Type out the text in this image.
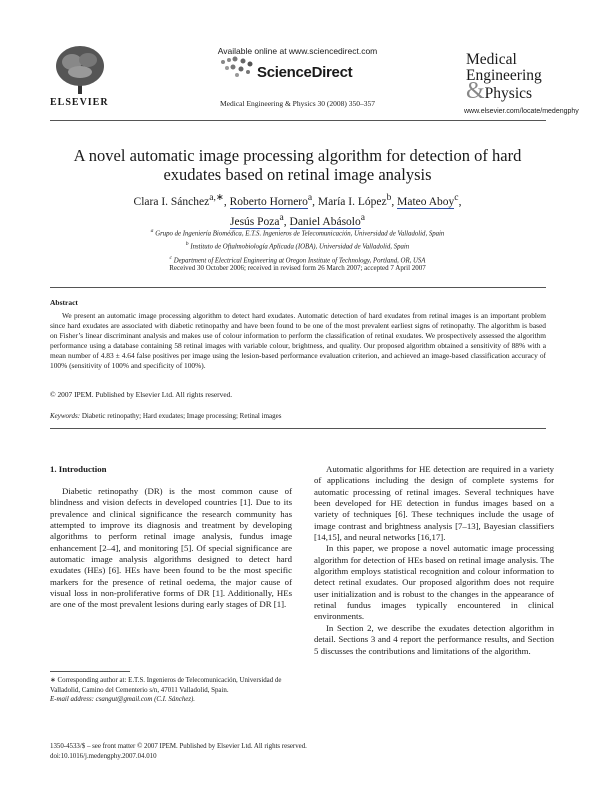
ELSEVIER
Available online at www.sciencedirect.com
ScienceDirect
Medical Engineering & Physics 30 (2008) 350–357
Medical
Engineering
&Physics
www.elsevier.com/locate/medengphy
A novel automatic image processing algorithm for detection of hard exudates based on retinal image analysis
Clara I. Sánchez$^{a,∗}$, Roberto Hornero$^a$, María I. López$^b$, Mateo Aboy$^c$,
Jesús Poza$^a$, Daniel Abásolo$^a$
$^a$ Grupo de Ingeniería Biomédica, E.T.S. Ingenieros de Telecomunicación, Universidad de Valladolid, Spain
$^b$ Instituto de Oftalmobiología Aplicada (IOBA), Universidad de Valladolid, Spain
$^c$ Department of Electrical Engineering at Oregon Institute of Technology, Portland, OR, USA
Received 30 October 2006; received in revised form 26 March 2007; accepted 7 April 2007
Abstract
We present an automatic image processing algorithm to detect hard exudates. Automatic detection of hard exudates from retinal images is an important problem since hard exudates are associated with diabetic retinopathy and have been found to be one of the most prevalent earliest signs of retinopathy. The algorithm is based on Fisher’s linear discriminant analysis and makes use of colour information to perform the classification of retinal exudates. We prospectively assessed the algorithm performance using a database containing 58 retinal images with variable colour, brightness, and quality. Our proposed algorithm obtained a sensitivity of 88% with a mean number of 4.83 ± 4.64 false positives per image using the lesion-based performance evaluation criterion, and achieved an image-based classification accuracy of 100% (sensitivity of 100% and specificity of 100%).
© 2007 IPEM. Published by Elsevier Ltd. All rights reserved.
Keywords: Diabetic retinopathy; Hard exudates; Image processing; Retinal images
1. Introduction

Diabetic retinopathy (DR) is the most common cause of blindness and vision defects in developed countries [1]. Due to its prevalence and clinical significance the research community has attempted to improve its diagnosis and treatment by developing algorithms to perform retinal image analysis, fundus image enhancement [2–4], and monitoring [5]. Of special significance are automatic image analysis algorithms designed to detect hard exudates (HEs) [6]. HEs have been found to be the most specific markers for the presence of retinal oedema, the major cause of visual loss in non-proliferative forms of DR [1]. Additionally, HEs are one of the most prevalent lesions during early stages of DR [1].

Automatic algorithms for HE detection are required in a variety of applications including the design of complete systems for automatic processing of retinal images. Several techniques have been developed for HE detection in fundus images based on a variety of techniques [6]. These techniques include the usage of image contrast and brightness analysis [7–13], Bayesian classifiers [14,15], and neural networks [16,17].

In this paper, we propose a novel automatic image processing algorithm for detection of HEs based on retinal image analysis. The algorithm employs statistical recognition and colour information to detect retinal exudates. Our proposed algorithm does not require user initialization and is robust to the changes in the appearance of retinal fundus images typically encountered in clinical environments.

In Section 2, we describe the exudates detection algorithm in detail. Sections 3 and 4 report the performance results, and Section 5 discusses the contributions and limitations of the algorithm.

∗ Corresponding author at: E.T.S. Ingenieros de Telecomunicación, Universidad de Valladolid, Camino del Cementerio s/n, 47011 Valladolid, Spain.
E-mail address: csangut@gmail.com (C.I. Sánchez).
1350-4533/$ – see front matter © 2007 IPEM. Published by Elsevier Ltd. All rights reserved.
doi:10.1016/j.medengphy.2007.04.010
